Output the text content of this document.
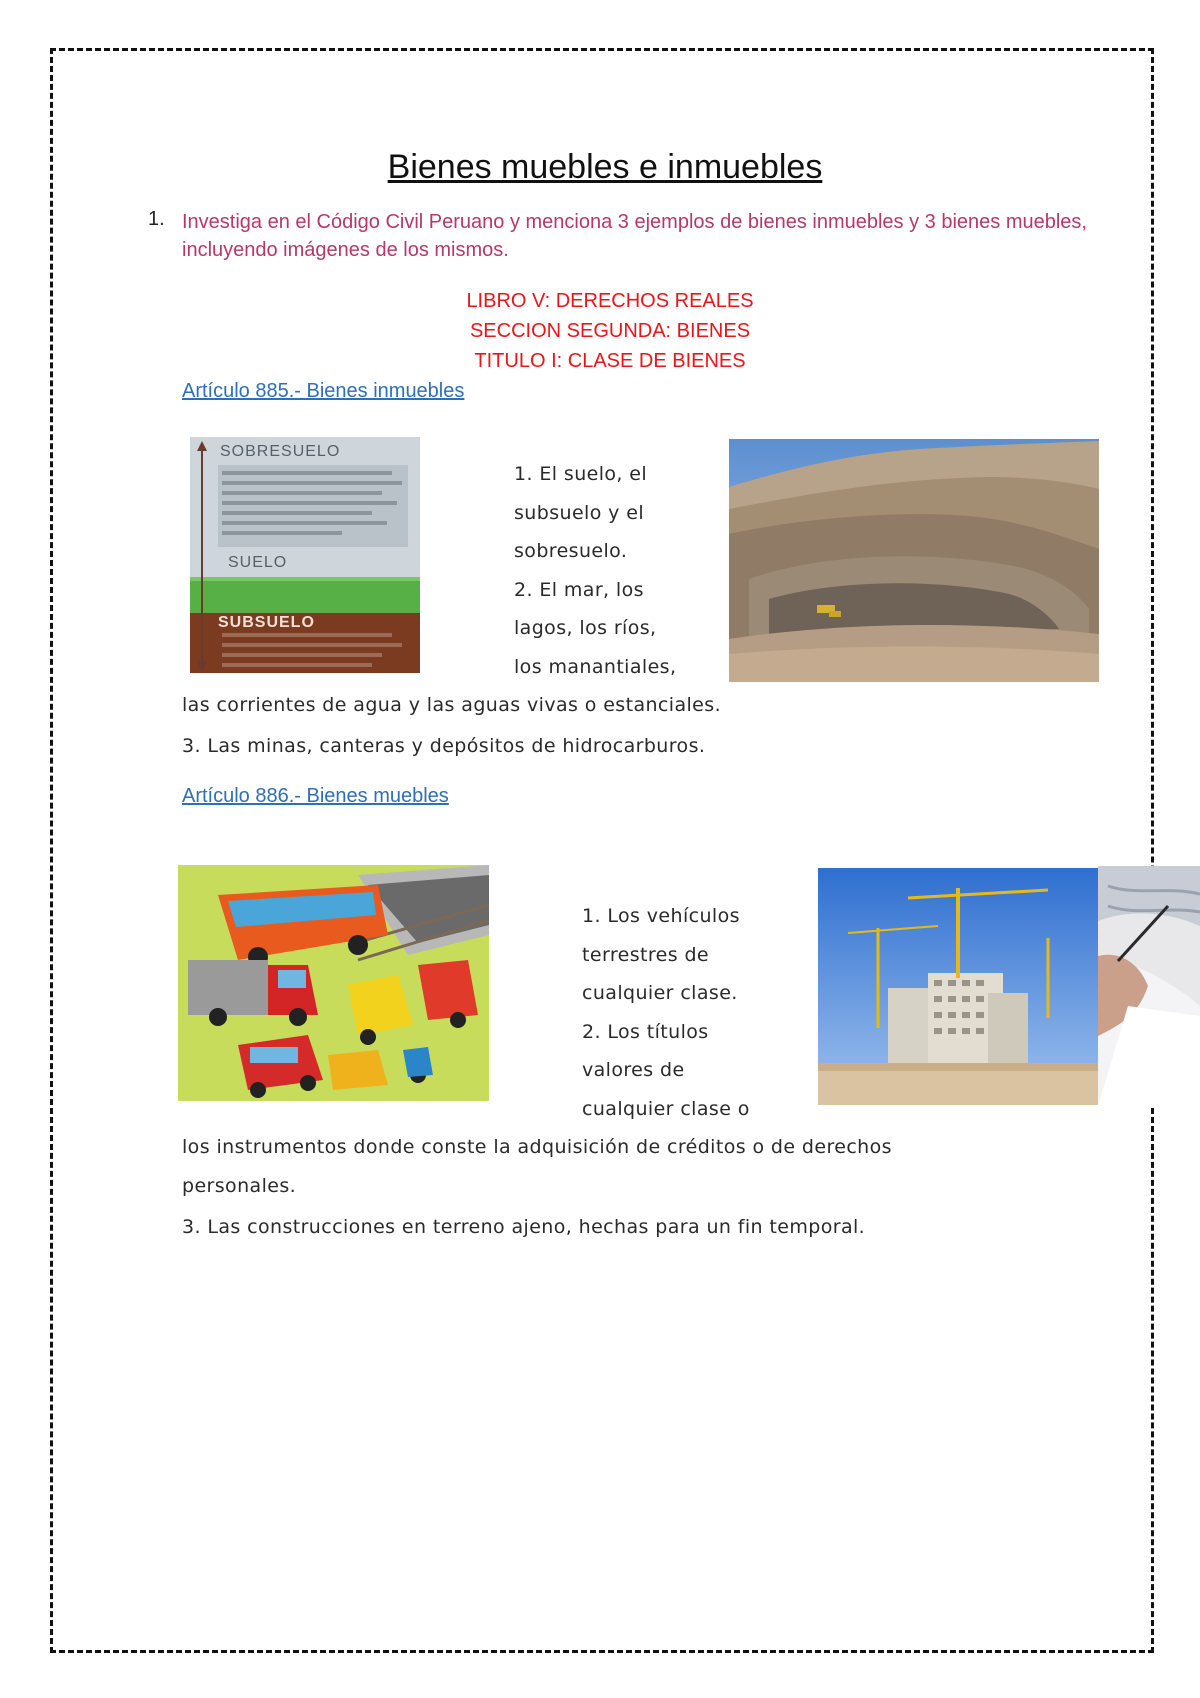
Bienes muebles e inmuebles
1. Investiga en el Código Civil Peruano y menciona 3 ejemplos de bienes inmuebles y 3 bienes muebles, incluyendo imágenes de los mismos.
LIBRO V: DERECHOS REALES
SECCION SEGUNDA: BIENES
TITULO I: CLASE DE BIENES
Artículo 885.- Bienes inmuebles
SOBRESUELO
SUELO
SUBSUELO
1. El suelo, el
subsuelo y el
sobresuelo.
2. El mar, los
lagos, los ríos,
los manantiales,
las corrientes de agua y las aguas vivas o estanciales.
3. Las minas, canteras y depósitos de hidrocarburos.
Artículo 886.- Bienes muebles
1. Los vehículos
terrestres de
cualquier clase.
2. Los títulos
valores de
cualquier clase o
los instrumentos donde conste la adquisición de créditos o de derechos
personales.
3. Las construcciones en terreno ajeno, hechas para un fin temporal.
